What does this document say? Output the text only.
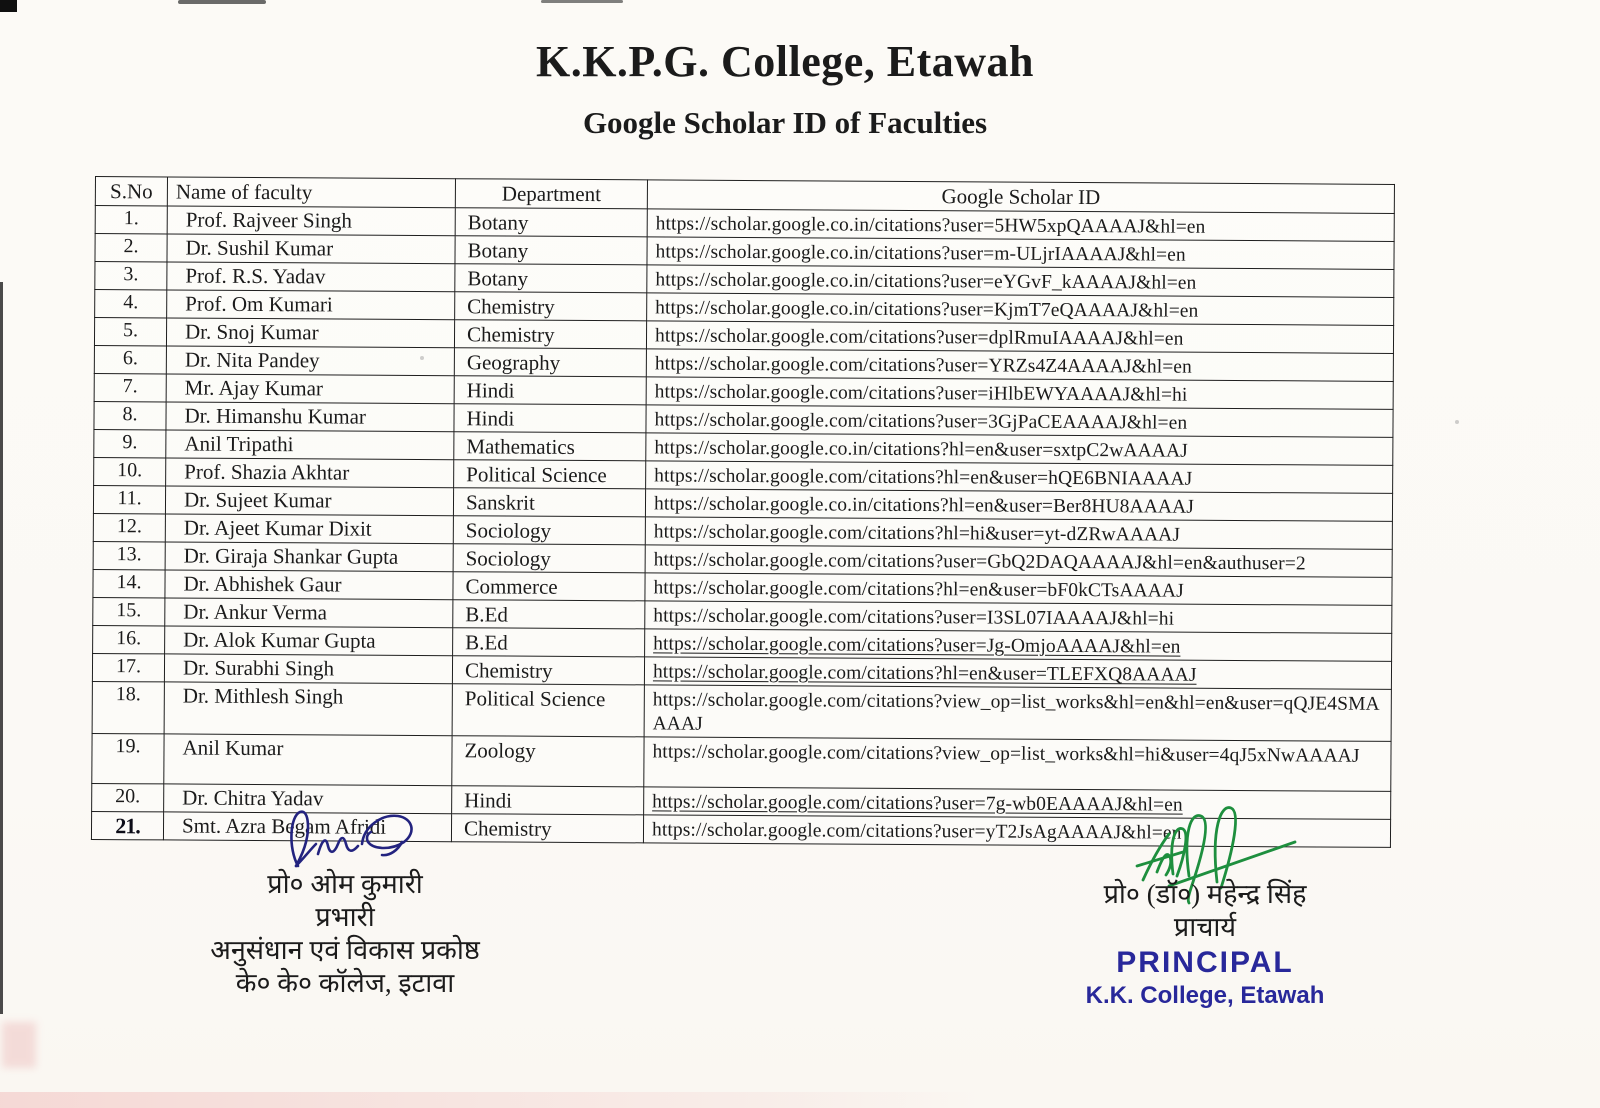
K.K.P.G. College, Etawah
Google Scholar ID of Faculties
S.No	Name of faculty	Department	Google Scholar ID
1.	Prof. Rajveer Singh	Botany	https://scholar.google.co.in/citations?user=5HW5xpQAAAAJ&hl=en
2.	Dr. Sushil Kumar	Botany	https://scholar.google.co.in/citations?user=m-ULjrIAAAAJ&hl=en
3.	Prof. R.S. Yadav	Botany	https://scholar.google.co.in/citations?user=eYGvF_kAAAAJ&hl=en
4.	Prof. Om Kumari	Chemistry	https://scholar.google.co.in/citations?user=KjmT7eQAAAAJ&hl=en
5.	Dr. Snoj Kumar	Chemistry	https://scholar.google.com/citations?user=dplRmuIAAAAJ&hl=en
6.	Dr. Nita Pandey	Geography	https://scholar.google.com/citations?user=YRZs4Z4AAAAJ&hl=en
7.	Mr. Ajay Kumar	Hindi	https://scholar.google.com/citations?user=iHlbEWYAAAAJ&hl=hi
8.	Dr. Himanshu Kumar	Hindi	https://scholar.google.com/citations?user=3GjPaCEAAAAJ&hl=en
9.	Anil Tripathi	Mathematics	https://scholar.google.co.in/citations?hl=en&user=sxtpC2wAAAAJ
10.	Prof. Shazia Akhtar	Political Science	https://scholar.google.com/citations?hl=en&user=hQE6BNIAAAAJ
11.	Dr. Sujeet Kumar	Sanskrit	https://scholar.google.co.in/citations?hl=en&user=Ber8HU8AAAAJ
12.	Dr. Ajeet Kumar Dixit	Sociology	https://scholar.google.com/citations?hl=hi&user=yt-dZRwAAAAJ
13.	Dr. Giraja Shankar Gupta	Sociology	https://scholar.google.com/citations?user=GbQ2DAQAAAAJ&hl=en&authuser=2
14.	Dr. Abhishek Gaur	Commerce	https://scholar.google.com/citations?hl=en&user=bF0kCTsAAAAJ
15.	Dr. Ankur Verma	B.Ed	https://scholar.google.com/citations?user=I3SL07IAAAAJ&hl=hi
16.	Dr. Alok Kumar Gupta	B.Ed	https://scholar.google.com/citations?user=Jg-OmjoAAAAJ&hl=en
17.	Dr. Surabhi Singh	Chemistry	https://scholar.google.com/citations?hl=en&user=TLEFXQ8AAAAJ
18.	Dr. Mithlesh Singh	Political Science	https://scholar.google.com/citations?view_op=list_works&hl=en&hl=en&user=qQJE4SMAAAAJ
19.	Anil Kumar	Zoology	https://scholar.google.com/citations?view_op=list_works&hl=hi&user=4qJ5xNwAAAAJ
20.	Dr. Chitra Yadav	Hindi	https://scholar.google.com/citations?user=7g-wb0EAAAAJ&hl=en
21.	Smt. Azra Begam Afridi	Chemistry	https://scholar.google.com/citations?user=yT2JsAgAAAAJ&hl=en
प्रो० ओम कुमारी
प्रभारी
अनुसंधान एवं विकास प्रकोष्ठ
के० के० कॉलेज, इटावा
प्रो० (डॉ०) महेन्द्र सिंह
प्राचार्य
PRINCIPAL
K.K. College, Etawah
